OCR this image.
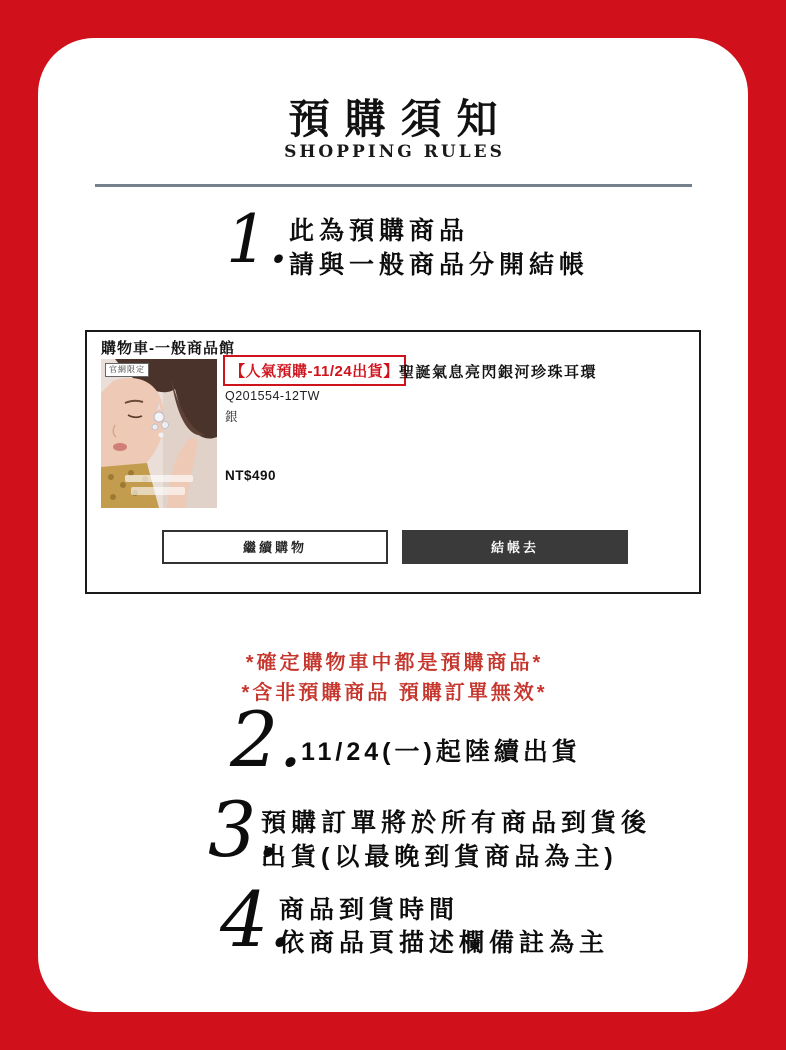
預購須知
SHOPPING RULES
1. 此為預購商品
請與一般商品分開結帳
購物車-一般商品館
官網限定	【人氣預購-11/24出貨】 聖誕氣息亮閃銀河珍珠耳環
Q201554-12TW
銀
NT$490
繼續購物	結帳去
*確定購物車中都是預購商品*
*含非預購商品 預購訂單無效*
2.
11/24(一)起陸續出貨
3.
預購訂單將於所有商品到貨後
出貨(以最晚到貨商品為主)
4.
商品到貨時間
依商品頁描述欄備註為主
